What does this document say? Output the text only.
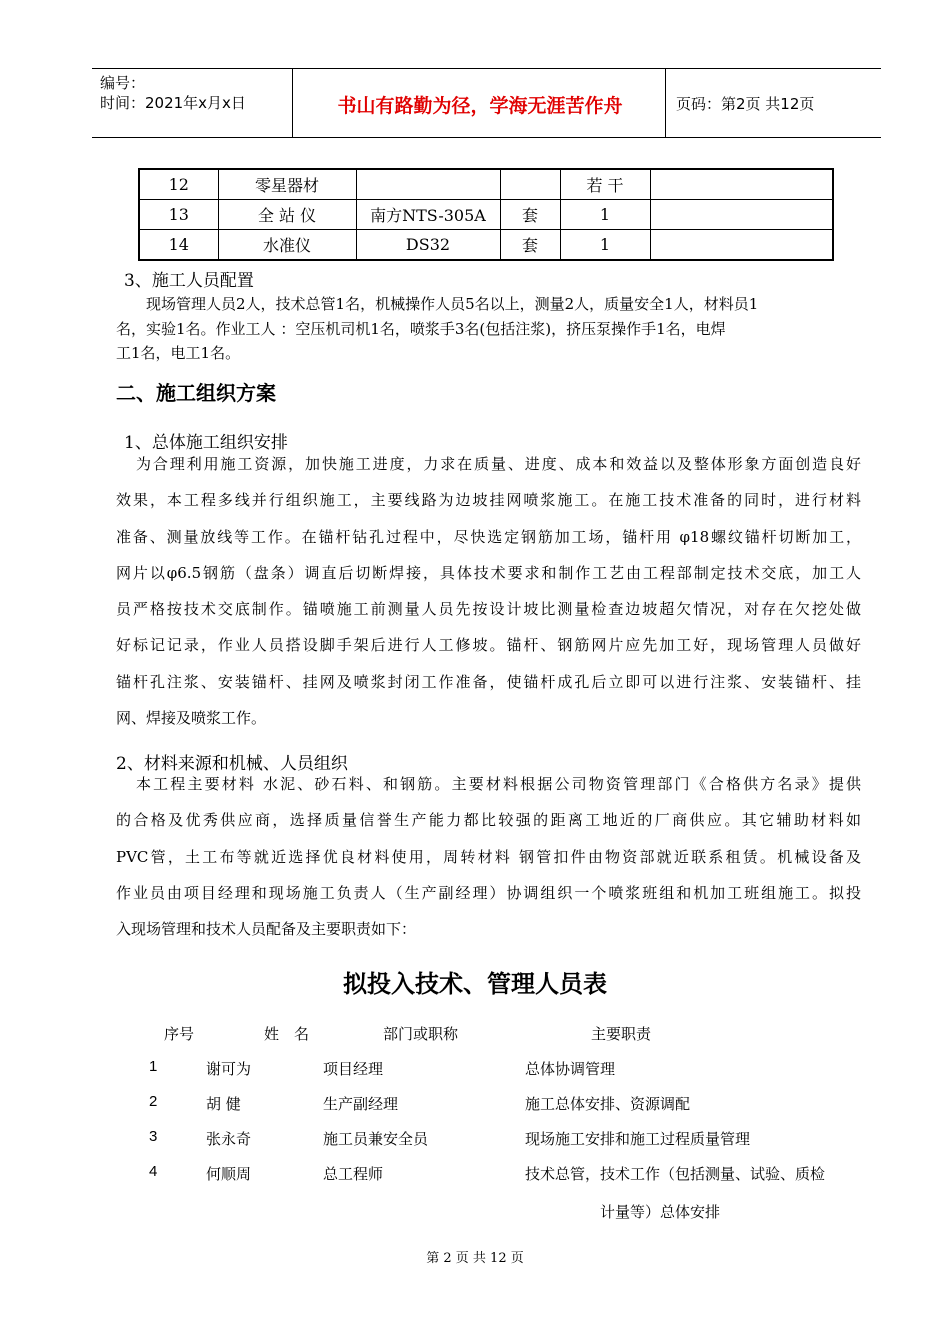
编号：
时间：2021年x月x日	书山有路勤为径，学海无涯苦作舟	页码：第2页 共12页
12	零星器材			若 干	
13	全 站 仪	南方NTS-305A	套	1	
14	水准仪	DS32	套	1	
3、施工人员配置
现场管理人员2人，技术总管1名，机械操作人员5名以上，测量2人，质量安全1人，材料员1
名，实验1名。作业工人 ：空压机司机1名，喷浆手3名(包括注浆)，挤压泵操作手1名，电焊
工1名，电工1名。
二、施工组织方案
1、总体施工组织安排
为合理利用施工资源，加快施工进度，力求在质量、进度、成本和效益以及整体形象方面创造良好
效果，本工程多线并行组织施工，主要线路为边坡挂网喷浆施工。在施工技术准备的同时，进行材料
准备、测量放线等工作。在锚杆钻孔过程中，尽快选定钢筋加工场，锚杆用 φ18螺纹锚杆切断加工，
网片以φ6.5钢筋（盘条）调直后切断焊接，具体技术要求和制作工艺由工程部制定技术交底，加工人
员严格按技术交底制作。锚喷施工前测量人员先按设计坡比测量检查边坡超欠情况，对存在欠挖处做
好标记记录，作业人员搭设脚手架后进行人工修坡。锚杆、钢筋网片应先加工好，现场管理人员做好
锚杆孔注浆、安装锚杆、挂网及喷浆封闭工作准备，使锚杆成孔后立即可以进行注浆、安装锚杆、挂
网、焊接及喷浆工作。
2、材料来源和机械、人员组织
本工程主要材料 水泥、砂石料、和钢筋。主要材料根据公司物资管理部门《合格供方名录》提供
的合格及优秀供应商，选择质量信誉生产能力都比较强的距离工地近的厂商供应。其它辅助材料如
PVC管，土工布等就近选择优良材料使用，周转材料 钢管扣件由物资部就近联系租赁。机械设备及
作业员由项目经理和现场施工负责人（生产副经理）协调组织一个喷浆班组和机加工班组施工。拟投
入现场管理和技术人员配备及主要职责如下：
拟投入技术、管理人员表
序号	姓　名	部门或职称	主要职责
1	谢可为	项目经理	总体协调管理
2	胡 健	生产副经理	施工总体安排、资源调配
3	张永奇	施工员兼安全员	现场施工安排和施工过程质量管理
4	何顺周	总工程师	技术总管，技术工作（包括测量、试验、质检
计量等）总体安排
第 2 页 共 12 页
